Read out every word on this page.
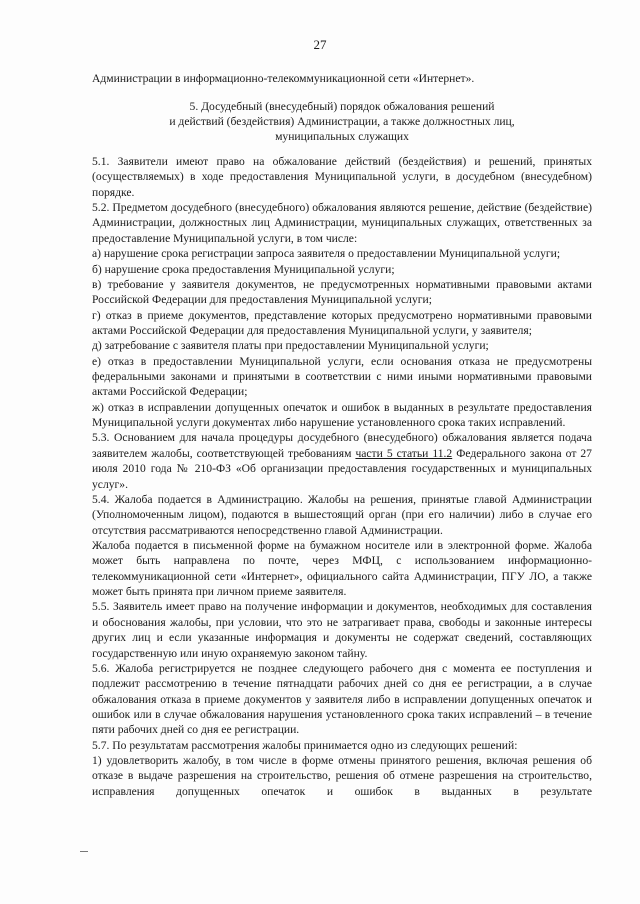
27
Администрации в информационно-телекоммуникационной сети «Интернет».
5. Досудебный (внесудебный) порядок обжалования решений
и действий (бездействия) Администрации, а также должностных лиц,
муниципальных служащих
5.1. Заявители имеют право на обжалование действий (бездействия) и решений, принятых (осуществляемых) в ходе предоставления Муниципальной услуги, в досудебном (внесудебном) порядке.
5.2. Предметом досудебного (внесудебного) обжалования являются решение, действие (бездействие) Администрации, должностных лиц Администрации, муниципальных служащих, ответственных за предоставление Муниципальной услуги, в том числе:
а) нарушение срока регистрации запроса заявителя о предоставлении Муниципальной услуги;
б) нарушение срока предоставления Муниципальной услуги;
в) требование у заявителя документов, не предусмотренных нормативными правовыми актами Российской Федерации для предоставления Муниципальной услуги;
г) отказ в приеме документов, представление которых предусмотрено нормативными правовыми актами Российской Федерации для предоставления Муниципальной услуги, у заявителя;
д) затребование с заявителя платы при предоставлении Муниципальной услуги;
е) отказ в предоставлении Муниципальной услуги, если основания отказа не предусмотрены федеральными законами и принятыми в соответствии с ними иными нормативными правовыми актами Российской Федерации;
ж) отказ в исправлении допущенных опечаток и ошибок в выданных в результате предоставления Муниципальной услуги документах либо нарушение установленного срока таких исправлений.
5.3. Основанием для начала процедуры досудебного (внесудебного) обжалования является подача заявителем жалобы, соответствующей требованиям части 5 статьи 11.2 Федерального закона от 27 июля 2010 года № 210-ФЗ «Об организации предоставления государственных и муниципальных услуг».
5.4. Жалоба подается в Администрацию. Жалобы на решения, принятые главой Администрации (Уполномоченным лицом), подаются в вышестоящий орган (при его наличии) либо в случае его отсутствия рассматриваются непосредственно главой Администрации.
Жалоба подается в письменной форме на бумажном носителе или в электронной форме. Жалоба может быть направлена по почте, через МФЦ, с использованием информационно-телекоммуникационной сети «Интернет», официального сайта Администрации, ПГУ ЛО, а также может быть принята при личном приеме заявителя.
5.5. Заявитель имеет право на получение информации и документов, необходимых для составления и обоснования жалобы, при условии, что это не затрагивает права, свободы и законные интересы других лиц и если указанные информация и документы не содержат сведений, составляющих государственную или иную охраняемую законом тайну.
5.6. Жалоба регистрируется не позднее следующего рабочего дня с момента ее поступления и подлежит рассмотрению в течение пятнадцати рабочих дней со дня ее регистрации, а в случае обжалования отказа в приеме документов у заявителя либо в исправлении допущенных опечаток и ошибок или в случае обжалования нарушения установленного срока таких исправлений – в течение пяти рабочих дней со дня ее регистрации.
5.7. По результатам рассмотрения жалобы принимается одно из следующих решений:
1) удовлетворить жалобу, в том числе в форме отмены принятого решения, включая решения об отказе в выдаче разрешения на строительство, решения об отмене разрешения на строительство, исправления допущенных опечаток и ошибок в выданных в результате
